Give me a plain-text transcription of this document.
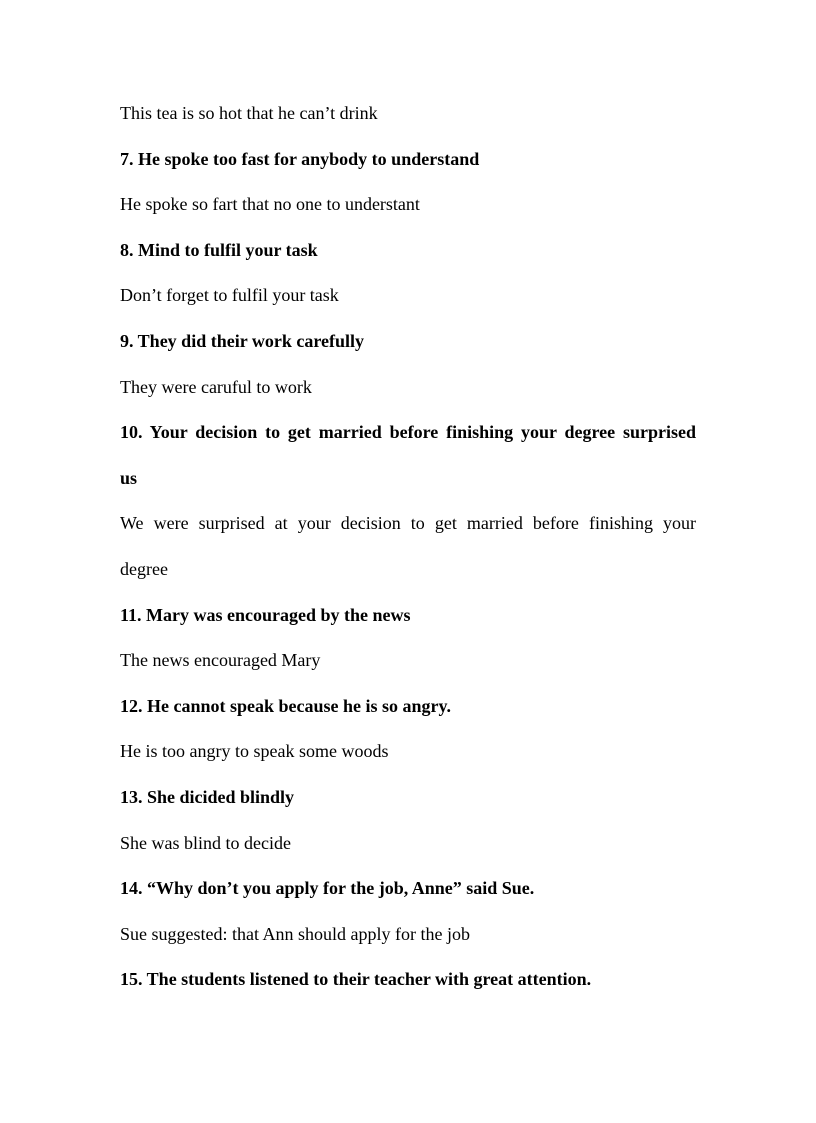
This tea is so hot that he can’t drink

7. He spoke too fast for anybody to understand

He spoke so fart that no one to understant

8. Mind to fulfil your task

Don’t forget to fulfil your task

9. They did their work carefully

They were caruful to work

10. Your decision to get married before finishing your degree surprised

us

We were surprised at your decision to get married before finishing your

degree

11. Mary was encouraged by the news

The news encouraged Mary

12. He cannot speak because he is so angry.

He is too angry to speak some woods

13. She dicided blindly

She was blind to decide

14. “Why don’t you apply for the job, Anne” said Sue.

Sue suggested: that Ann should apply for the job

15. The students listened to their teacher with great attention.
